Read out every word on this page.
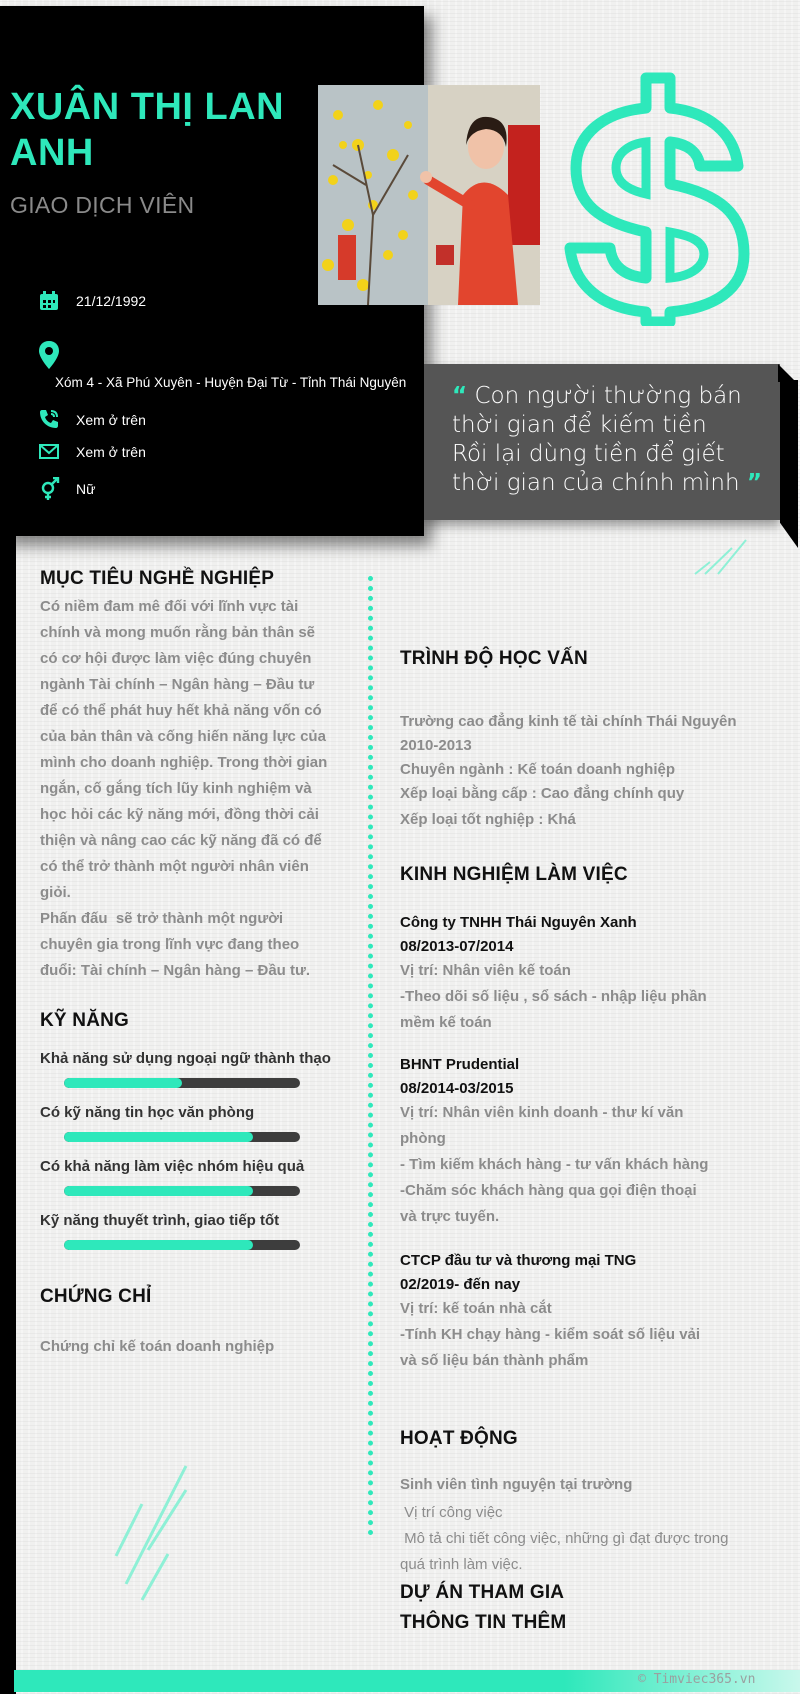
XUÂN THỊ LAN ANH
GIAO DỊCH VIÊN
21/12/1992
Xóm 4 - Xã Phú Xuyên - Huyện Đại Từ - Tỉnh Thái Nguyên
Xem ở trên
Xem ở trên
Nữ
“ Con người thường bán
thời gian để kiếm tiền
Rồi lại dùng tiền để giết
thời gian của chính mình ”
MỤC TIÊU NGHỀ NGHIỆP
Có niềm đam mê đối với lĩnh vực tài
chính và mong muốn rằng bản thân sẽ
có cơ hội được làm việc đúng chuyên
ngành Tài chính – Ngân hàng – Đầu tư
để có thể phát huy hết khả năng vốn có
của bản thân và cống hiến năng lực của
mình cho doanh nghiệp. Trong thời gian
ngắn, cố gắng tích lũy kinh nghiệm và
học hỏi các kỹ năng mới, đồng thời cải
thiện và nâng cao các kỹ năng đã có để
có thể trở thành một người nhân viên
giỏi.
Phấn đấu  sẽ trở thành một người
chuyên gia trong lĩnh vực đang theo
đuổi: Tài chính – Ngân hàng – Đầu tư.
KỸ NĂNG
Khả năng sử dụng ngoại ngữ thành thạo
Có kỹ năng tin học văn phòng
Có khả năng làm việc nhóm hiệu quả
Kỹ năng thuyết trình, giao tiếp tốt
CHỨNG CHỈ
Chứng chỉ kế toán doanh nghiệp
TRÌNH ĐỘ HỌC VẤN
Trường cao đẳng kinh tế tài chính Thái Nguyên
2010-2013
Chuyên ngành : Kế toán doanh nghiệp
Xếp loại bằng cấp : Cao đẳng chính quy
Xếp loại tốt nghiệp : Khá
KINH NGHIỆM LÀM VIỆC
Công ty TNHH Thái Nguyên Xanh
08/2013-07/2014
Vị trí: Nhân viên kế toán
-Theo dõi số liệu , sổ sách - nhập liệu phần
mềm kế toán
BHNT Prudential
08/2014-03/2015
Vị trí: Nhân viên kinh doanh - thư kí văn
phòng
- Tìm kiếm khách hàng - tư vấn khách hàng
-Chăm sóc khách hàng qua gọi điện thoại
và trực tuyến.
CTCP đầu tư và thương mại TNG
02/2019- đến nay
Vị trí: kế toán nhà cắt
-Tính KH chạy hàng - kiểm soát số liệu vải
và số liệu bán thành phẩm
HOẠT ĐỘNG
Sinh viên tình nguyện tại trường
Vị trí công việc
Mô tả chi tiết công việc, những gì đạt được trong
quá trình làm việc.
DỰ ÁN THAM GIA
THÔNG TIN THÊM
© Timviec365.vn
